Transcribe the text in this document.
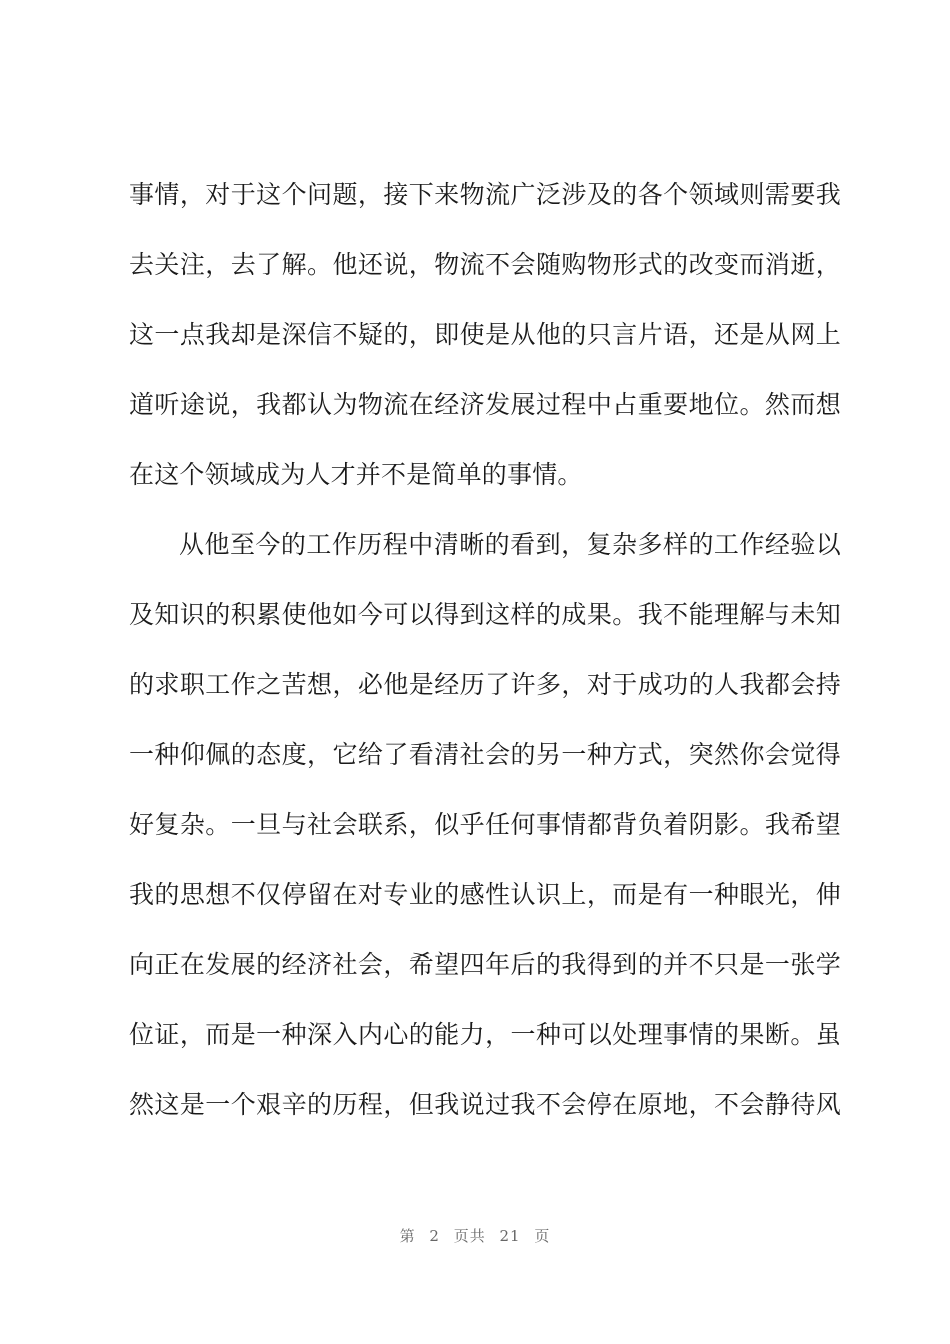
事情，对于这个问题，接下来物流广泛涉及的各个领域则需要我
去关注，去了解。他还说，物流不会随购物形式的改变而消逝，
这一点我却是深信不疑的，即使是从他的只言片语，还是从网上
道听途说，我都认为物流在经济发展过程中占重要地位。然而想
在这个领域成为人才并不是简单的事情。
从他至今的工作历程中清晰的看到，复杂多样的工作经验以
及知识的积累使他如今可以得到这样的成果。我不能理解与未知
的求职工作之苦想，必他是经历了许多，对于成功的人我都会持
一种仰佩的态度，它给了看清社会的另一种方式，突然你会觉得
好复杂。一旦与社会联系，似乎任何事情都背负着阴影。我希望
我的思想不仅停留在对专业的感性认识上，而是有一种眼光，伸
向正在发展的经济社会，希望四年后的我得到的并不只是一张学
位证，而是一种深入内心的能力，一种可以处理事情的果断。虽
然这是一个艰辛的历程，但我说过我不会停在原地，不会静待风
第 2 页共 21 页
